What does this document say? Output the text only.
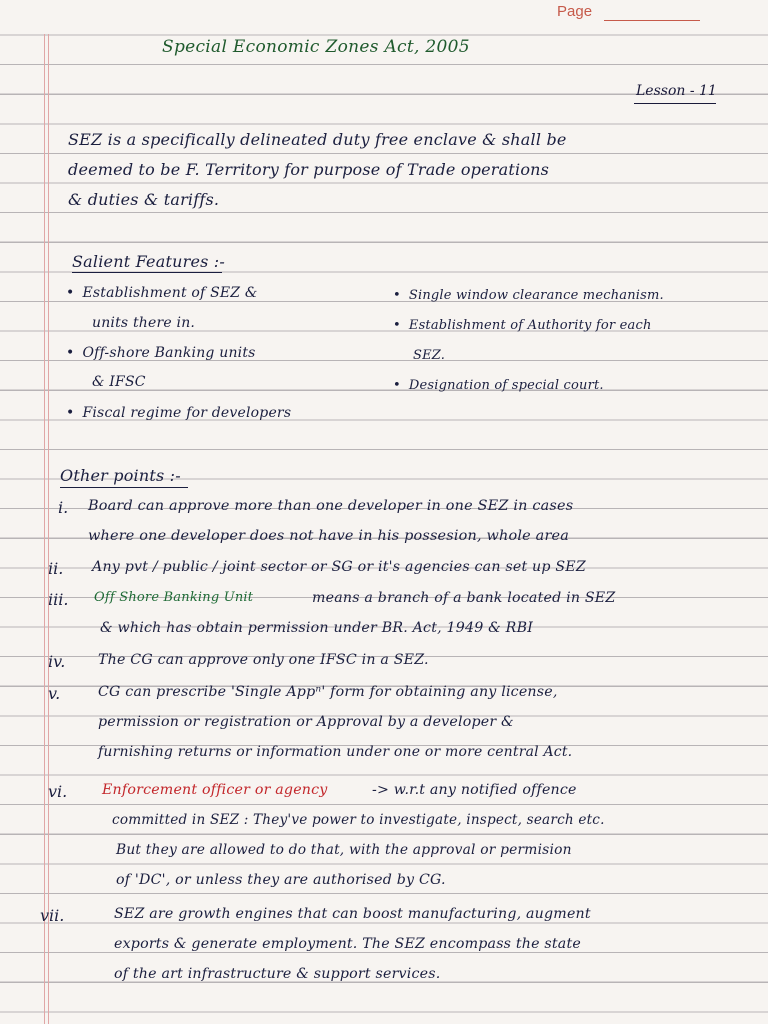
Page
Special Economic Zones Act, 2005
Lesson - 11
SEZ is a specifically delineated duty free enclave & shall be
deemed to be F. Territory for purpose of Trade operations
& duties & tariffs.
Salient Features :-
• Establishment of SEZ &
units there in.
• Off-shore Banking units
& IFSC
• Fiscal regime for developers
• Single window clearance mechanism.
• Establishment of Authority for each
SEZ.
• Designation of special court.
Other points :-
i. Board can approve more than one developer in one SEZ in cases
where one developer does not have in his possesion, whole area
ii. Any pvt / public / joint sector or SG or it's agencies can set up SEZ
iii. Off Shore Banking Unit	means a branch of a bank located in SEZ
& which has obtain permission under BR. Act, 1949 & RBI
iv. The CG can approve only one IFSC in a SEZ.
v.	CG can prescribe 'Single Appⁿ' form for obtaining any license,
permission or registration or Approval by a developer &
furnishing returns or information under one or more central Act.
vi. Enforcement officer or agency	-> w.r.t any notified offence
committed in SEZ : They've power to investigate, inspect, search etc.
But they are allowed to do that, with the approval or permision
of 'DC', or unless they are authorised by CG.
vii.	SEZ are growth engines that can boost manufacturing, augment
exports & generate employment. The SEZ encompass the state
of the art infrastructure & support services.
